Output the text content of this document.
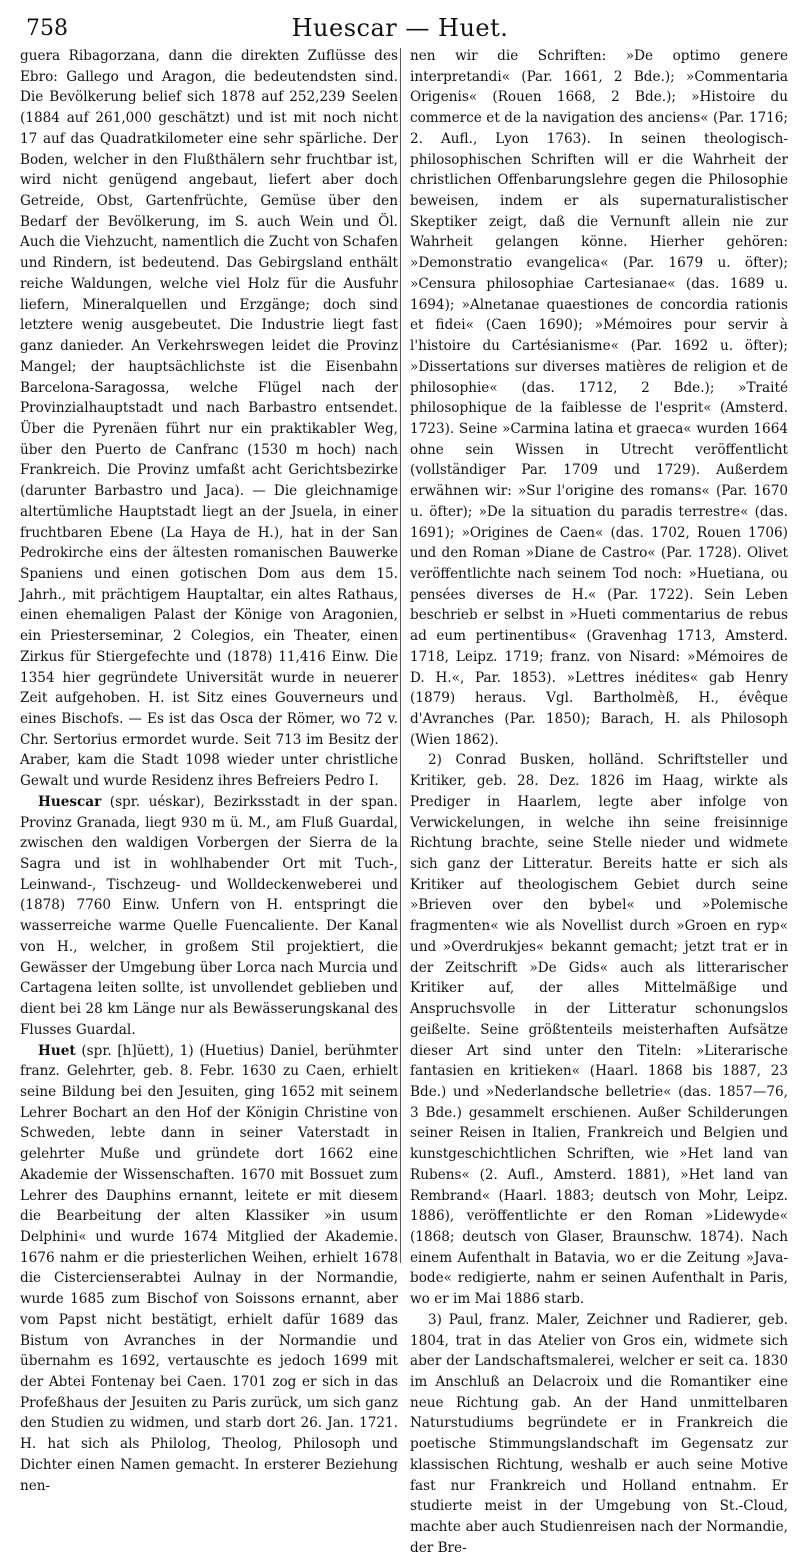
758	Huescar — Huet.

guera Ribagorzana, dann die direkten Zuflüsse des Ebro: Gallego und Aragon, die bedeutendsten sind. Die Bevölkerung belief sich 1878 auf 252,239 Seelen (1884 auf 261,000 geschätzt) und ist mit noch nicht 17 auf das Quadratkilometer eine sehr spärliche. Der Boden, welcher in den Flußthälern sehr fruchtbar ist, wird nicht genügend angebaut, liefert aber doch Getreide, Obst, Gartenfrüchte, Gemüse über den Bedarf der Bevölkerung, im S. auch Wein und Öl. Auch die Viehzucht, namentlich die Zucht von Schafen und Rindern, ist bedeutend. Das Gebirgsland enthält reiche Waldungen, welche viel Holz für die Ausfuhr liefern, Mineralquellen und Erzgänge; doch sind letztere wenig ausgebeutet. Die Industrie liegt fast ganz danieder. An Verkehrswegen leidet die Provinz Mangel; der hauptsächlichste ist die Eisenbahn Barcelona-Saragossa, welche Flügel nach der Provinzialhauptstadt und nach Barbastro entsendet. Über die Pyrenäen führt nur ein praktikabler Weg, über den Puerto de Canfranc (1530 m hoch) nach Frankreich. Die Provinz umfaßt acht Gerichtsbezirke (darunter Barbastro und Jaca). — Die gleichnamige altertümliche Hauptstadt liegt an der Jsuela, in einer fruchtbaren Ebene (La Haya de H.), hat in der San Pedrokirche eins der ältesten romanischen Bauwerke Spaniens und einen gotischen Dom aus dem 15. Jahrh., mit prächtigem Hauptaltar, ein altes Rathaus, einen ehemaligen Palast der Könige von Aragonien, ein Priesterseminar, 2 Colegios, ein Theater, einen Zirkus für Stiergefechte und (1878) 11,416 Einw. Die 1354 hier gegründete Universität wurde in neuerer Zeit aufgehoben. H. ist Sitz eines Gouverneurs und eines Bischofs. — Es ist das Osca der Römer, wo 72 v. Chr. Sertorius ermordet wurde. Seit 713 im Besitz der Araber, kam die Stadt 1098 wieder unter christliche Gewalt und wurde Residenz ihres Befreiers Pedro I.

Huescar (spr. uéskar), Bezirksstadt in der span. Provinz Granada, liegt 930 m ü. M., am Fluß Guardal, zwischen den waldigen Vorbergen der Sierra de la Sagra und ist in wohlhabender Ort mit Tuch-, Leinwand-, Tischzeug- und Wolldeckenweberei und (1878) 7760 Einw. Unfern von H. entspringt die wasserreiche warme Quelle Fuencaliente. Der Kanal von H., welcher, in großem Stil projektiert, die Gewässer der Umgebung über Lorca nach Murcia und Cartagena leiten sollte, ist unvollendet geblieben und dient bei 28 km Länge nur als Bewässerungskanal des Flusses Guardal.

Huet (spr. [h]üett), 1) (Huetius) Daniel, berühmter franz. Gelehrter, geb. 8. Febr. 1630 zu Caen, erhielt seine Bildung bei den Jesuiten, ging 1652 mit seinem Lehrer Bochart an den Hof der Königin Christine von Schweden, lebte dann in seiner Vaterstadt in gelehrter Muße und gründete dort 1662 eine Akademie der Wissenschaften. 1670 mit Bossuet zum Lehrer des Dauphins ernannt, leitete er mit diesem die Bearbeitung der alten Klassiker »in usum Delphini« und wurde 1674 Mitglied der Akademie. 1676 nahm er die priesterlichen Weihen, erhielt 1678 die Cistercienserabtei Aulnay in der Normandie, wurde 1685 zum Bischof von Soissons ernannt, aber vom Papst nicht bestätigt, erhielt dafür 1689 das Bistum von Avranches in der Normandie und übernahm es 1692, vertauschte es jedoch 1699 mit der Abtei Fontenay bei Caen. 1701 zog er sich in das Profeßhaus der Jesuiten zu Paris zurück, um sich ganz den Studien zu widmen, und starb dort 26. Jan. 1721. H. hat sich als Philolog, Theolog, Philosoph und Dichter einen Namen gemacht. In ersterer Beziehung nen-

nen wir die Schriften: »De optimo genere interpretandi« (Par. 1661, 2 Bde.); »Commentaria Origenis« (Rouen 1668, 2 Bde.); »Histoire du commerce et de la navigation des anciens« (Par. 1716; 2. Aufl., Lyon 1763). In seinen theologisch-philosophischen Schriften will er die Wahrheit der christlichen Offenbarungslehre gegen die Philosophie beweisen, indem er als supernaturalistischer Skeptiker zeigt, daß die Vernunft allein nie zur Wahrheit gelangen könne. Hierher gehören: »Demonstratio evangelica« (Par. 1679 u. öfter); »Censura philosophiae Cartesianae« (das. 1689 u. 1694); »Alnetanae quaestiones de concordia rationis et fidei« (Caen 1690); »Mémoires pour servir à l'histoire du Cartésianisme« (Par. 1692 u. öfter); »Dissertations sur diverses matières de religion et de philosophie« (das. 1712, 2 Bde.); »Traité philosophique de la faiblesse de l'esprit« (Amsterd. 1723). Seine »Carmina latina et graeca« wurden 1664 ohne sein Wissen in Utrecht veröffentlicht (vollständiger Par. 1709 und 1729). Außerdem erwähnen wir: »Sur l'origine des romans« (Par. 1670 u. öfter); »De la situation du paradis terrestre« (das. 1691); »Origines de Caen« (das. 1702, Rouen 1706) und den Roman »Diane de Castro« (Par. 1728). Olivet veröffentlichte nach seinem Tod noch: »Huetiana, ou pensées diverses de H.« (Par. 1722). Sein Leben beschrieb er selbst in »Hueti commentarius de rebus ad eum pertinentibus« (Gravenhag 1713, Amsterd. 1718, Leipz. 1719; franz. von Nisard: »Mémoires de D. H.«, Par. 1853). »Lettres inédites« gab Henry (1879) heraus. Vgl. Bartholmèß, H., évêque d'Avranches (Par. 1850); Barach, H. als Philosoph (Wien 1862).

2) Conrad Busken, holländ. Schriftsteller und Kritiker, geb. 28. Dez. 1826 im Haag, wirkte als Prediger in Haarlem, legte aber infolge von Verwickelungen, in welche ihn seine freisinnige Richtung brachte, seine Stelle nieder und widmete sich ganz der Litteratur. Bereits hatte er sich als Kritiker auf theologischem Gebiet durch seine »Brieven over den bybel« und »Polemische fragmenten« wie als Novellist durch »Groen en ryp« und »Overdrukjes« bekannt gemacht; jetzt trat er in der Zeitschrift »De Gids« auch als litterarischer Kritiker auf, der alles Mittelmäßige und Anspruchsvolle in der Litteratur schonungslos geißelte. Seine größtenteils meisterhaften Aufsätze dieser Art sind unter den Titeln: »Literarische fantasien en kritieken« (Haarl. 1868 bis 1887, 23 Bde.) und »Nederlandsche belletrie« (das. 1857—76, 3 Bde.) gesammelt erschienen. Außer Schilderungen seiner Reisen in Italien, Frankreich und Belgien und kunstgeschichtlichen Schriften, wie »Het land van Rubens« (2. Aufl., Amsterd. 1881), »Het land van Rembrand« (Haarl. 1883; deutsch von Mohr, Leipz. 1886), veröffentlichte er den Roman »Lidewyde« (1868; deutsch von Glaser, Braunschw. 1874). Nach einem Aufenthalt in Batavia, wo er die Zeitung »Java-bode« redigierte, nahm er seinen Aufenthalt in Paris, wo er im Mai 1886 starb.

3) Paul, franz. Maler, Zeichner und Radierer, geb. 1804, trat in das Atelier von Gros ein, widmete sich aber der Landschaftsmalerei, welcher er seit ca. 1830 im Anschluß an Delacroix und die Romantiker eine neue Richtung gab. An der Hand unmittelbaren Naturstudiums begründete er in Frankreich die poetische Stimmungslandschaft im Gegensatz zur klassischen Richtung, weshalb er auch seine Motive fast nur Frankreich und Holland entnahm. Er studierte meist in der Umgebung von St.-Cloud, machte aber auch Studienreisen nach der Normandie, der Bre-
